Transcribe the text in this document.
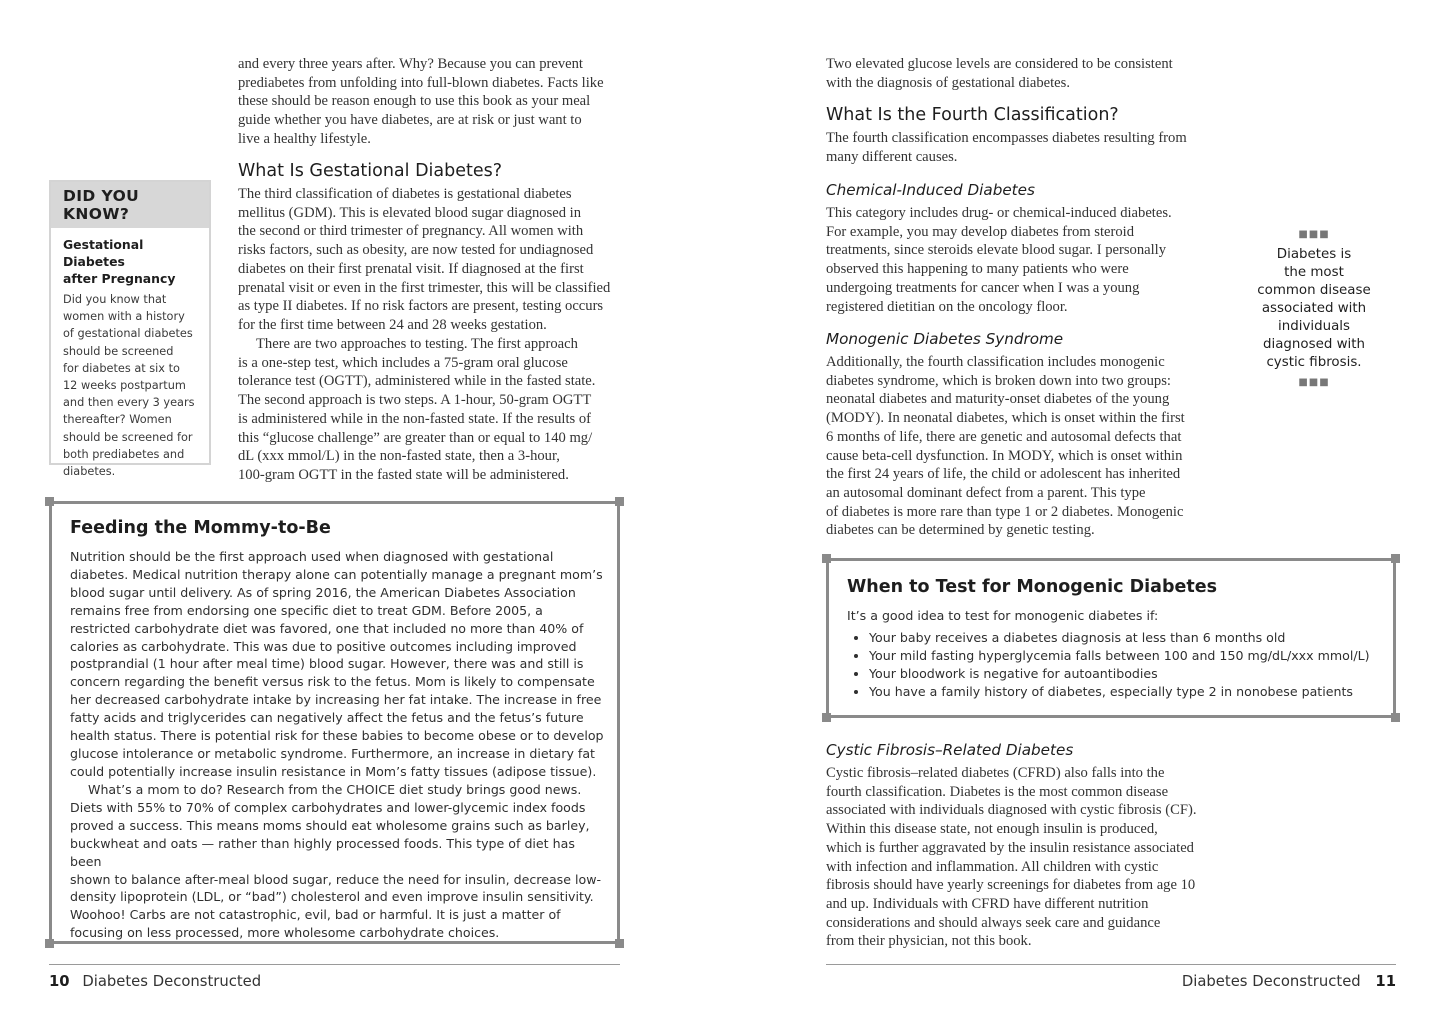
and every three years after. Why? Because you can prevent
prediabetes from unfolding into full-blown diabetes. Facts like
these should be reason enough to use this book as your meal
guide whether you have diabetes, are at risk or just want to
live a healthy lifestyle.
What Is Gestational Diabetes?
The third classification of diabetes is gestational diabetes
mellitus (GDM). This is elevated blood sugar diagnosed in
the second or third trimester of pregnancy. All women with
risks factors, such as obesity, are now tested for undiagnosed
diabetes on their first prenatal visit. If diagnosed at the first
prenatal visit or even in the first trimester, this will be classified
as type II diabetes. If no risk factors are present, testing occurs
for the first time between 24 and 28 weeks gestation.
There are two approaches to testing. The first approach
is a one-step test, which includes a 75-gram oral glucose
tolerance test (OGTT), administered while in the fasted state.
The second approach is two steps. A 1-hour, 50-gram OGTT
is administered while in the non-fasted state. If the results of
this “glucose challenge” are greater than or equal to 140 mg/
dL (xxx mmol/L) in the non-fasted state, then a 3-hour,
100-gram OGTT in the fasted state will be administered.
DID YOU KNOW?
Gestational Diabetes
after Pregnancy
Did you know that
women with a history
of gestational diabetes
should be screened
for diabetes at six to
12 weeks postpartum
and then every 3 years
thereafter? Women
should be screened for
both prediabetes and
diabetes.
Feeding the Mommy-to-Be
Nutrition should be the first approach used when diagnosed with gestational
diabetes. Medical nutrition therapy alone can potentially manage a pregnant mom’s
blood sugar until delivery. As of spring 2016, the American Diabetes Association
remains free from endorsing one specific diet to treat GDM. Before 2005, a
restricted carbohydrate diet was favored, one that included no more than 40% of
calories as carbohydrate. This was due to positive outcomes including improved
postprandial (1 hour after meal time) blood sugar. However, there was and still is
concern regarding the benefit versus risk to the fetus. Mom is likely to compensate
her decreased carbohydrate intake by increasing her fat intake. The increase in free
fatty acids and triglycerides can negatively affect the fetus and the fetus’s future
health status. There is potential risk for these babies to become obese or to develop
glucose intolerance or metabolic syndrome. Furthermore, an increase in dietary fat
could potentially increase insulin resistance in Mom’s fatty tissues (adipose tissue).
What’s a mom to do? Research from the CHOICE diet study brings good news.
Diets with 55% to 70% of complex carbohydrates and lower-glycemic index foods
proved a success. This means moms should eat wholesome grains such as barley,
buckwheat and oats — rather than highly processed foods. This type of diet has been
shown to balance after-meal blood sugar, reduce the need for insulin, decrease low-
density lipoprotein (LDL, or “bad”) cholesterol and even improve insulin sensitivity.
Woohoo! Carbs are not catastrophic, evil, bad or harmful. It is just a matter of
focusing on less processed, more wholesome carbohydrate choices.
10 Diabetes Deconstructed
Two elevated glucose levels are considered to be consistent
with the diagnosis of gestational diabetes.
What Is the Fourth Classification?
The fourth classification encompasses diabetes resulting from
many different causes.
Chemical-Induced Diabetes
This category includes drug- or chemical-induced diabetes.
For example, you may develop diabetes from steroid
treatments, since steroids elevate blood sugar. I personally
observed this happening to many patients who were
undergoing treatments for cancer when I was a young
registered dietitian on the oncology floor.
Monogenic Diabetes Syndrome
Additionally, the fourth classification includes monogenic
diabetes syndrome, which is broken down into two groups:
neonatal diabetes and maturity-onset diabetes of the young
(MODY). In neonatal diabetes, which is onset within the first
6 months of life, there are genetic and autosomal defects that
cause beta-cell dysfunction. In MODY, which is onset within
the first 24 years of life, the child or adolescent has inherited
an autosomal dominant defect from a parent. This type
of diabetes is more rare than type 1 or 2 diabetes. Monogenic
diabetes can be determined by genetic testing.
■■■
Diabetes is
the most
common disease
associated with
individuals
diagnosed with
cystic fibrosis.
■■■
When to Test for Monogenic Diabetes
It’s a good idea to test for monogenic diabetes if:
• Your baby receives a diabetes diagnosis at less than 6 months old
• Your mild fasting hyperglycemia falls between 100 and 150 mg/dL/xxx mmol/L)
• Your bloodwork is negative for autoantibodies
• You have a family history of diabetes, especially type 2 in nonobese patients
Cystic Fibrosis–Related Diabetes
Cystic fibrosis–related diabetes (CFRD) also falls into the
fourth classification. Diabetes is the most common disease
associated with individuals diagnosed with cystic fibrosis (CF).
Within this disease state, not enough insulin is produced,
which is further aggravated by the insulin resistance associated
with infection and inflammation. All children with cystic
fibrosis should have yearly screenings for diabetes from age 10
and up. Individuals with CFRD have different nutrition
considerations and should always seek care and guidance
from their physician, not this book.
Diabetes Deconstructed 11
